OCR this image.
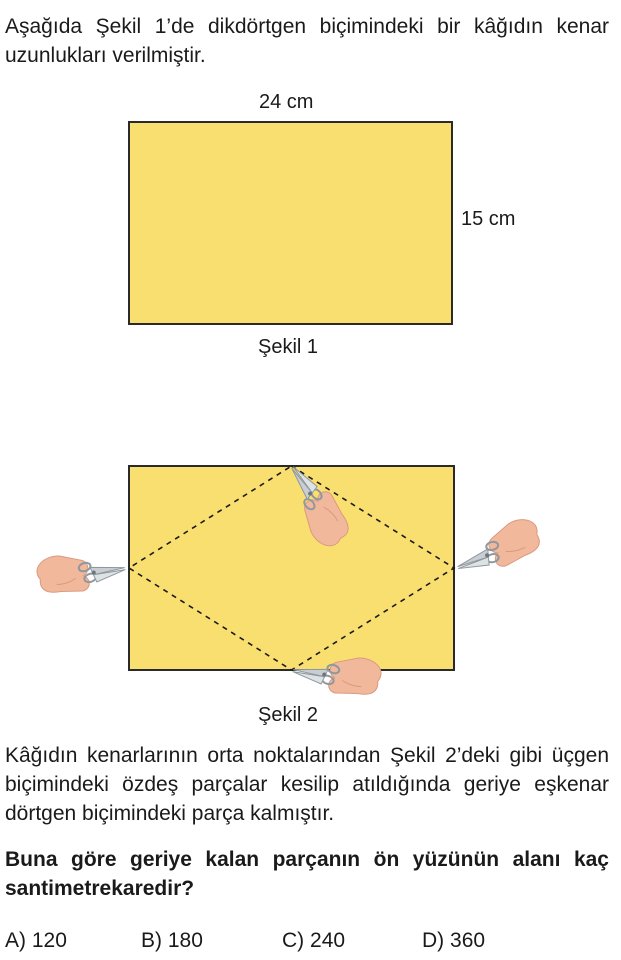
Aşağıda Şekil 1’de dikdörtgen biçimindeki bir kâğıdın kenar uzunlukları verilmiştir.
24 cm
15 cm
Şekil 1
Şekil 2
Kâğıdın kenarlarının orta noktalarından Şekil 2’deki gibi üçgen biçimindeki özdeş parçalar kesilip atıldığında geriye eşkenar dörtgen biçimindeki parça kalmıştır.
Buna göre geriye kalan parçanın ön yüzünün alanı kaç santimetrekaredir?
A) 120	B) 180	C) 240	D) 360
